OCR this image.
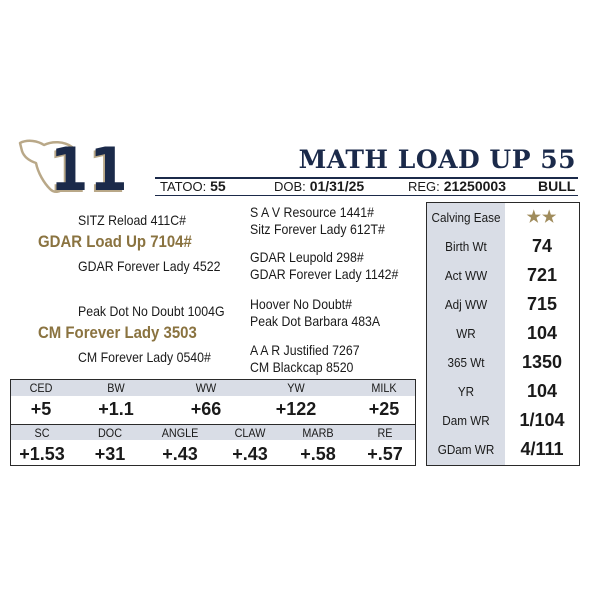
11	MATH LOAD UP 55
TATOO: 55	DOB: 01/31/25	REG: 21250003 BULL
SITZ Reload 411C#
GDAR Load Up 7104#
GDAR Forever Lady 4522
Peak Dot No Doubt 1004G
CM Forever Lady 3503
CM Forever Lady 0540#
S A V Resource 1441#
Sitz Forever Lady 612T#
GDAR Leupold 298#
GDAR Forever Lady 1142#
Hoover No Doubt#
Peak Dot Barbara 483A
A A R Justified 7267
CM Blackcap 8520
Calving Ease	★★
Birth Wt	74
Act WW	721
Adj WW	715
WR	104
365 Wt	1350
YR	104
Dam WR	1/104
GDam WR	4/111
CED	BW	WW	YW	MILK
+5	+1.1	+66	+122	+25
SC	DOC	ANGLE	CLAW	MARB	RE
+1.53	+31	+.43	+.43	+.58	+.57
